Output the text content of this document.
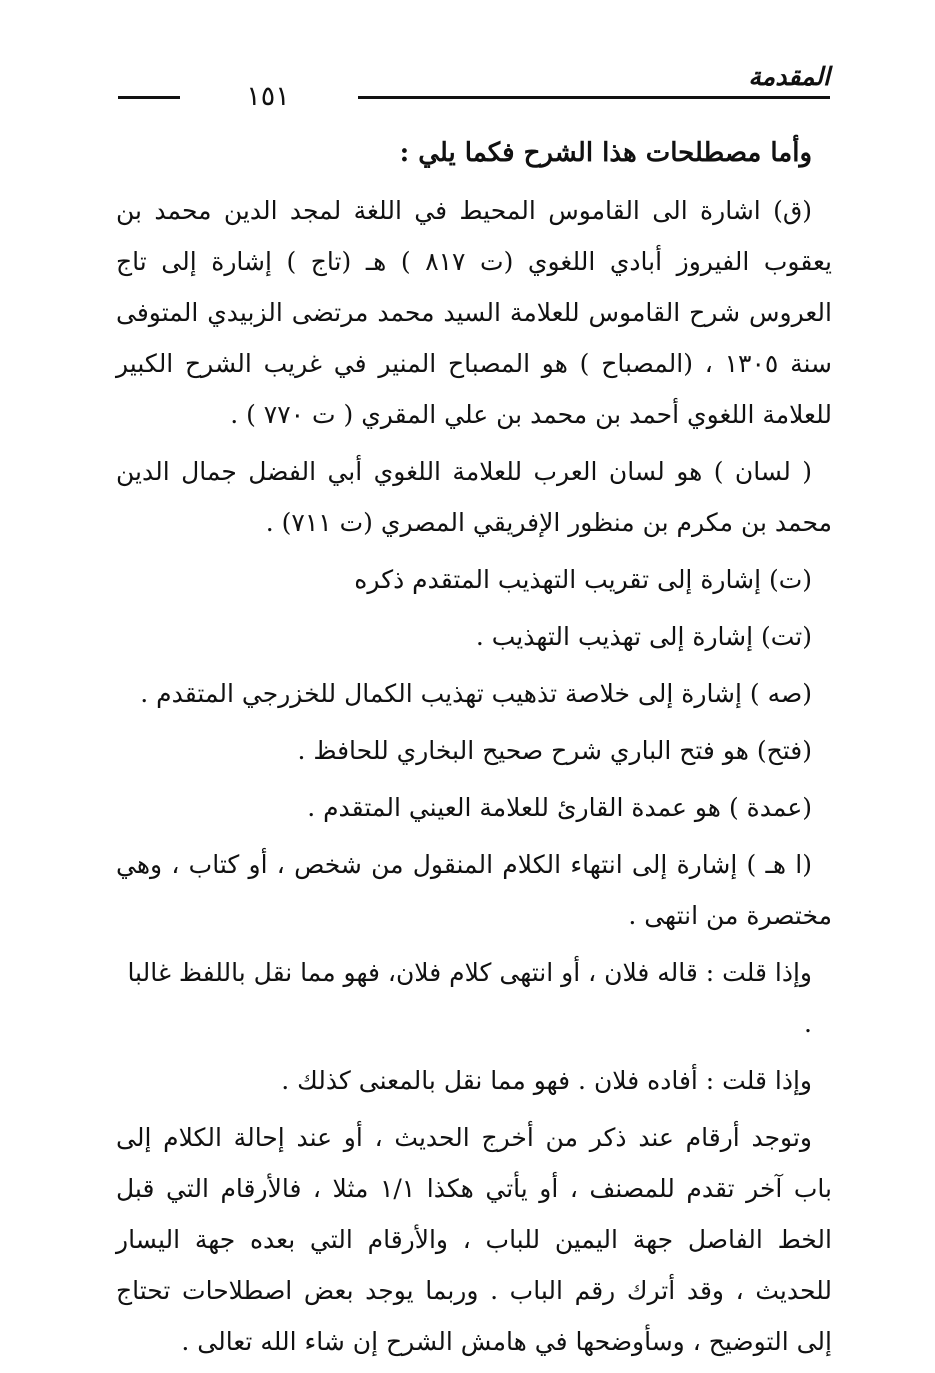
المقدمة
١٥١
وأما مصطلحات هذا الشرح فكما يلي :

(ق) اشارة الى القاموس المحيط في اللغة لمجد الدين محمد بن يعقوب الفيروز أبادي اللغوي (ت ٨١٧ ) هـ (تاج ) إشارة إلى تاج العروس شرح القاموس للعلامة السيد محمد مرتضى الزبيدي المتوفى سنة ١٣٠٥ ، (المصباح ) هو المصباح المنير في غريب الشرح الكبير للعلامة اللغوي أحمد بن محمد بن علي المقري ( ت ٧٧٠ ) .

( لسان ) هو لسان العرب للعلامة اللغوي أبي الفضل جمال الدين محمد بن مكرم بن منظور الإفريقي المصري (ت ٧١١) .

(ت) إشارة إلى تقريب التهذيب المتقدم ذكره

(تت) إشارة إلى تهذيب التهذيب .

(صه ) إشارة إلى خلاصة تذهيب تهذيب الكمال للخزرجي المتقدم .

(فتح) هو فتح الباري شرح صحيح البخاري للحافظ .

(عمدة ) هو عمدة القارئ للعلامة العيني المتقدم .

(ا هـ ) إشارة إلى انتهاء الكلام المنقول من شخص ، أو كتاب ، وهي مختصرة من انتهى .

وإذا قلت : قاله فلان ، أو انتهى كلام فلان، فهو مما نقل باللفظ غالبا .

وإذا قلت : أفاده فلان . فهو مما نقل بالمعنى كذلك .

وتوجد أرقام عند ذكر من أخرج الحديث ، أو عند إحالة الكلام إلى باب آخر تقدم للمصنف ، أو يأتي هكذا ١/١ مثلا ، فالأرقام التي قبل الخط الفاصل جهة اليمين للباب ، والأرقام التي بعده جهة اليسار للحديث ، وقد أترك رقم الباب . وربما يوجد بعض اصطلاحات تحتاج إلى التوضيح ، وسأوضحها في هامش الشرح إن شاء الله تعالى .
